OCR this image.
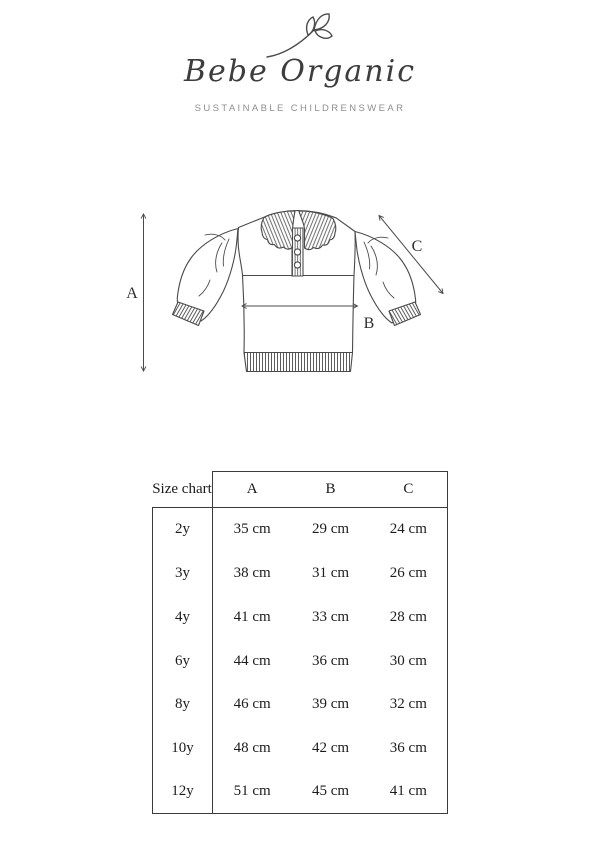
Bebe Organic
SUSTAINABLE CHILDRENSWEAR
A
B
C
Size chart	A	B	C
2y	35 cm	29 cm	24 cm
3y	38 cm	31 cm	26 cm
4y	41 cm	33 cm	28 cm
6y	44 cm	36 cm	30 cm
8y	46 cm	39 cm	32 cm
10y	48 cm	42 cm	36 cm
12y	51 cm	45 cm	41 cm
